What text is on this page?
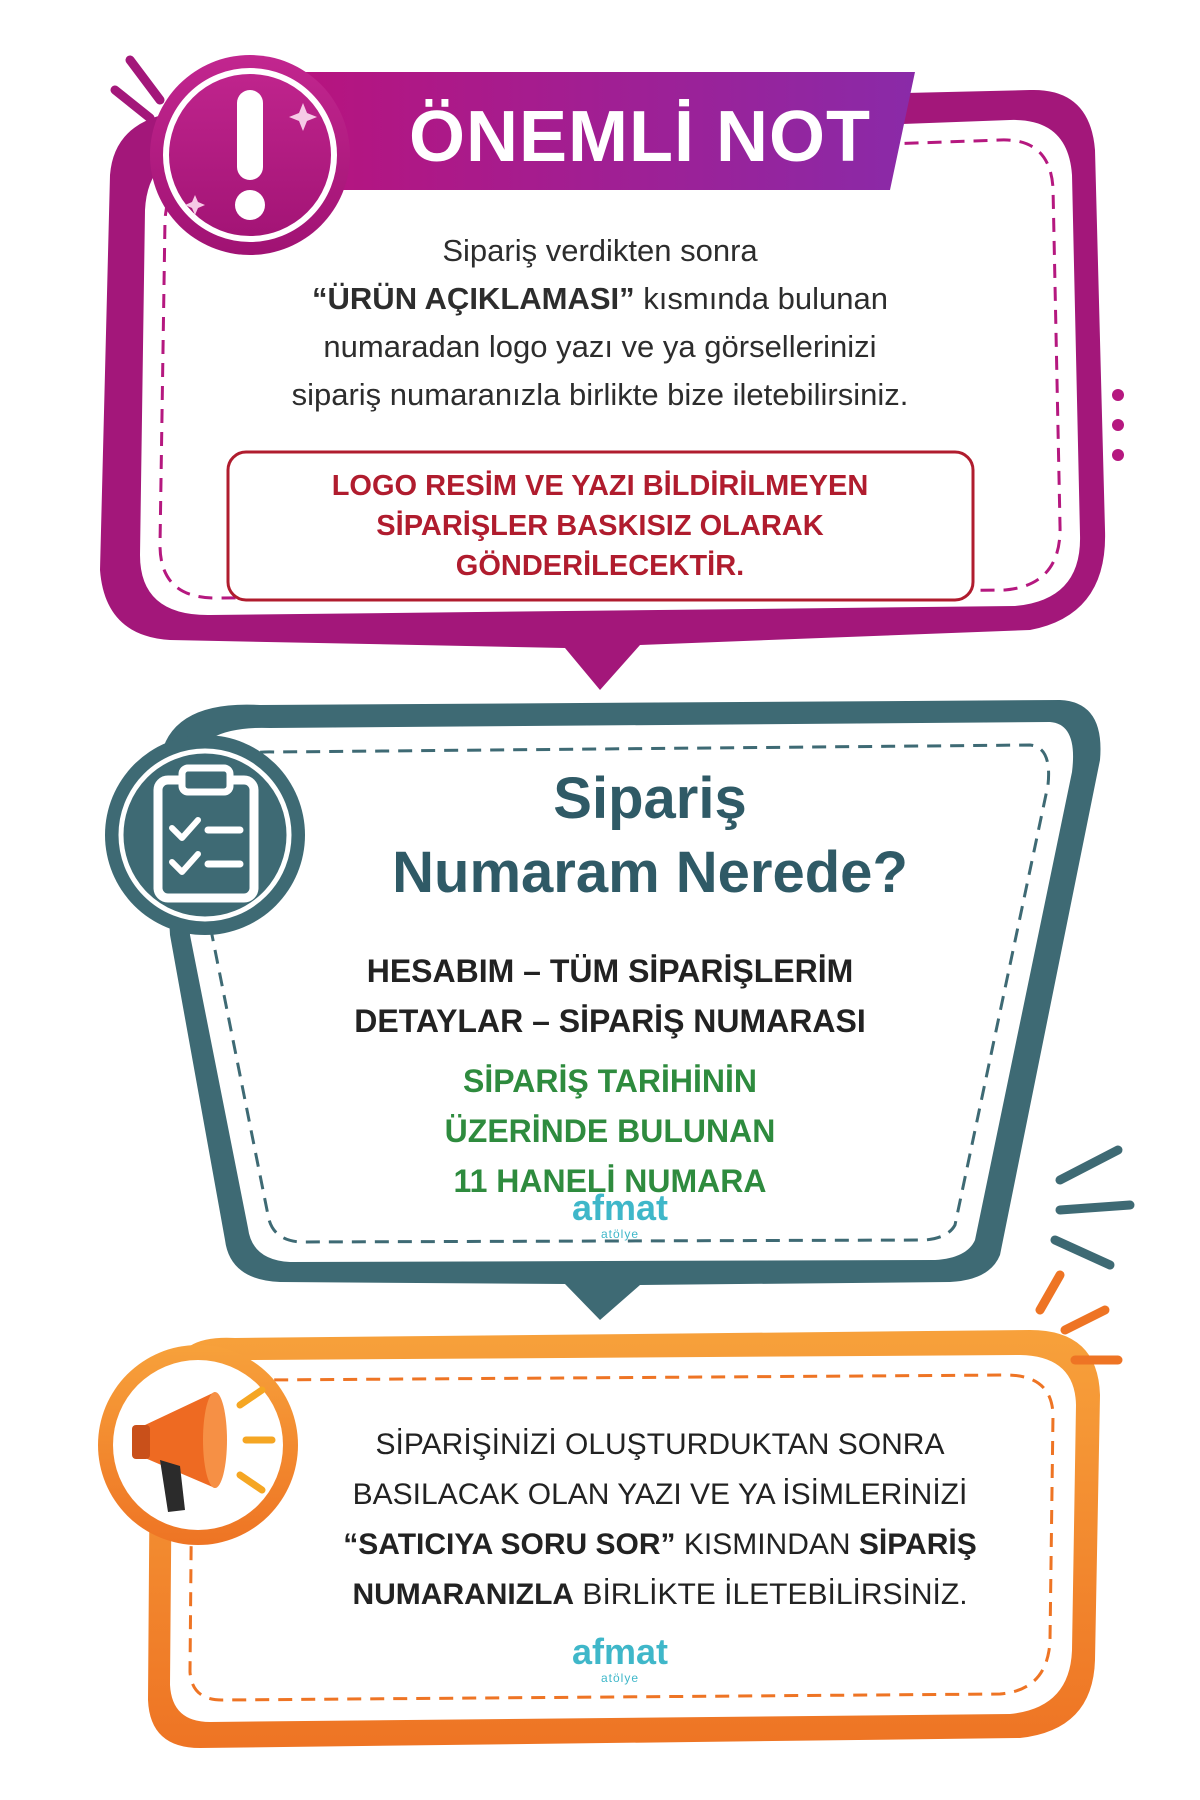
ÖNEMLİ NOT

Sipariş verdikten sonra
“ÜRÜN AÇIKLAMASI” kısmında bulunan
numaradan logo yazı ve ya görsellerinizi
sipariş numaranızla birlikte bize iletebilirsiniz.

LOGO RESİM VE YAZI BİLDİRİLMEYEN
SİPARİŞLER BASKISIZ OLARAK
GÖNDERİLECEKTİR.

Sipariş
Numaram Nerede?

HESABIM – TÜM SİPARİŞLERİM
DETAYLAR – SİPARİŞ NUMARASI

SİPARİŞ TARİHİNİN
ÜZERİNDE BULUNAN
11 HANELİ NUMARA

afmat
atölye

SİPARİŞİNİZİ OLUŞTURDUKTAN SONRA
BASILACAK OLAN YAZI VE YA İSİMLERİNİZİ
“SATICIYA SORU SOR” KISMINDAN SİPARİŞ
NUMARANIZLA BİRLİKTE İLETEBİLİRSİNİZ.

afmat
atölye
